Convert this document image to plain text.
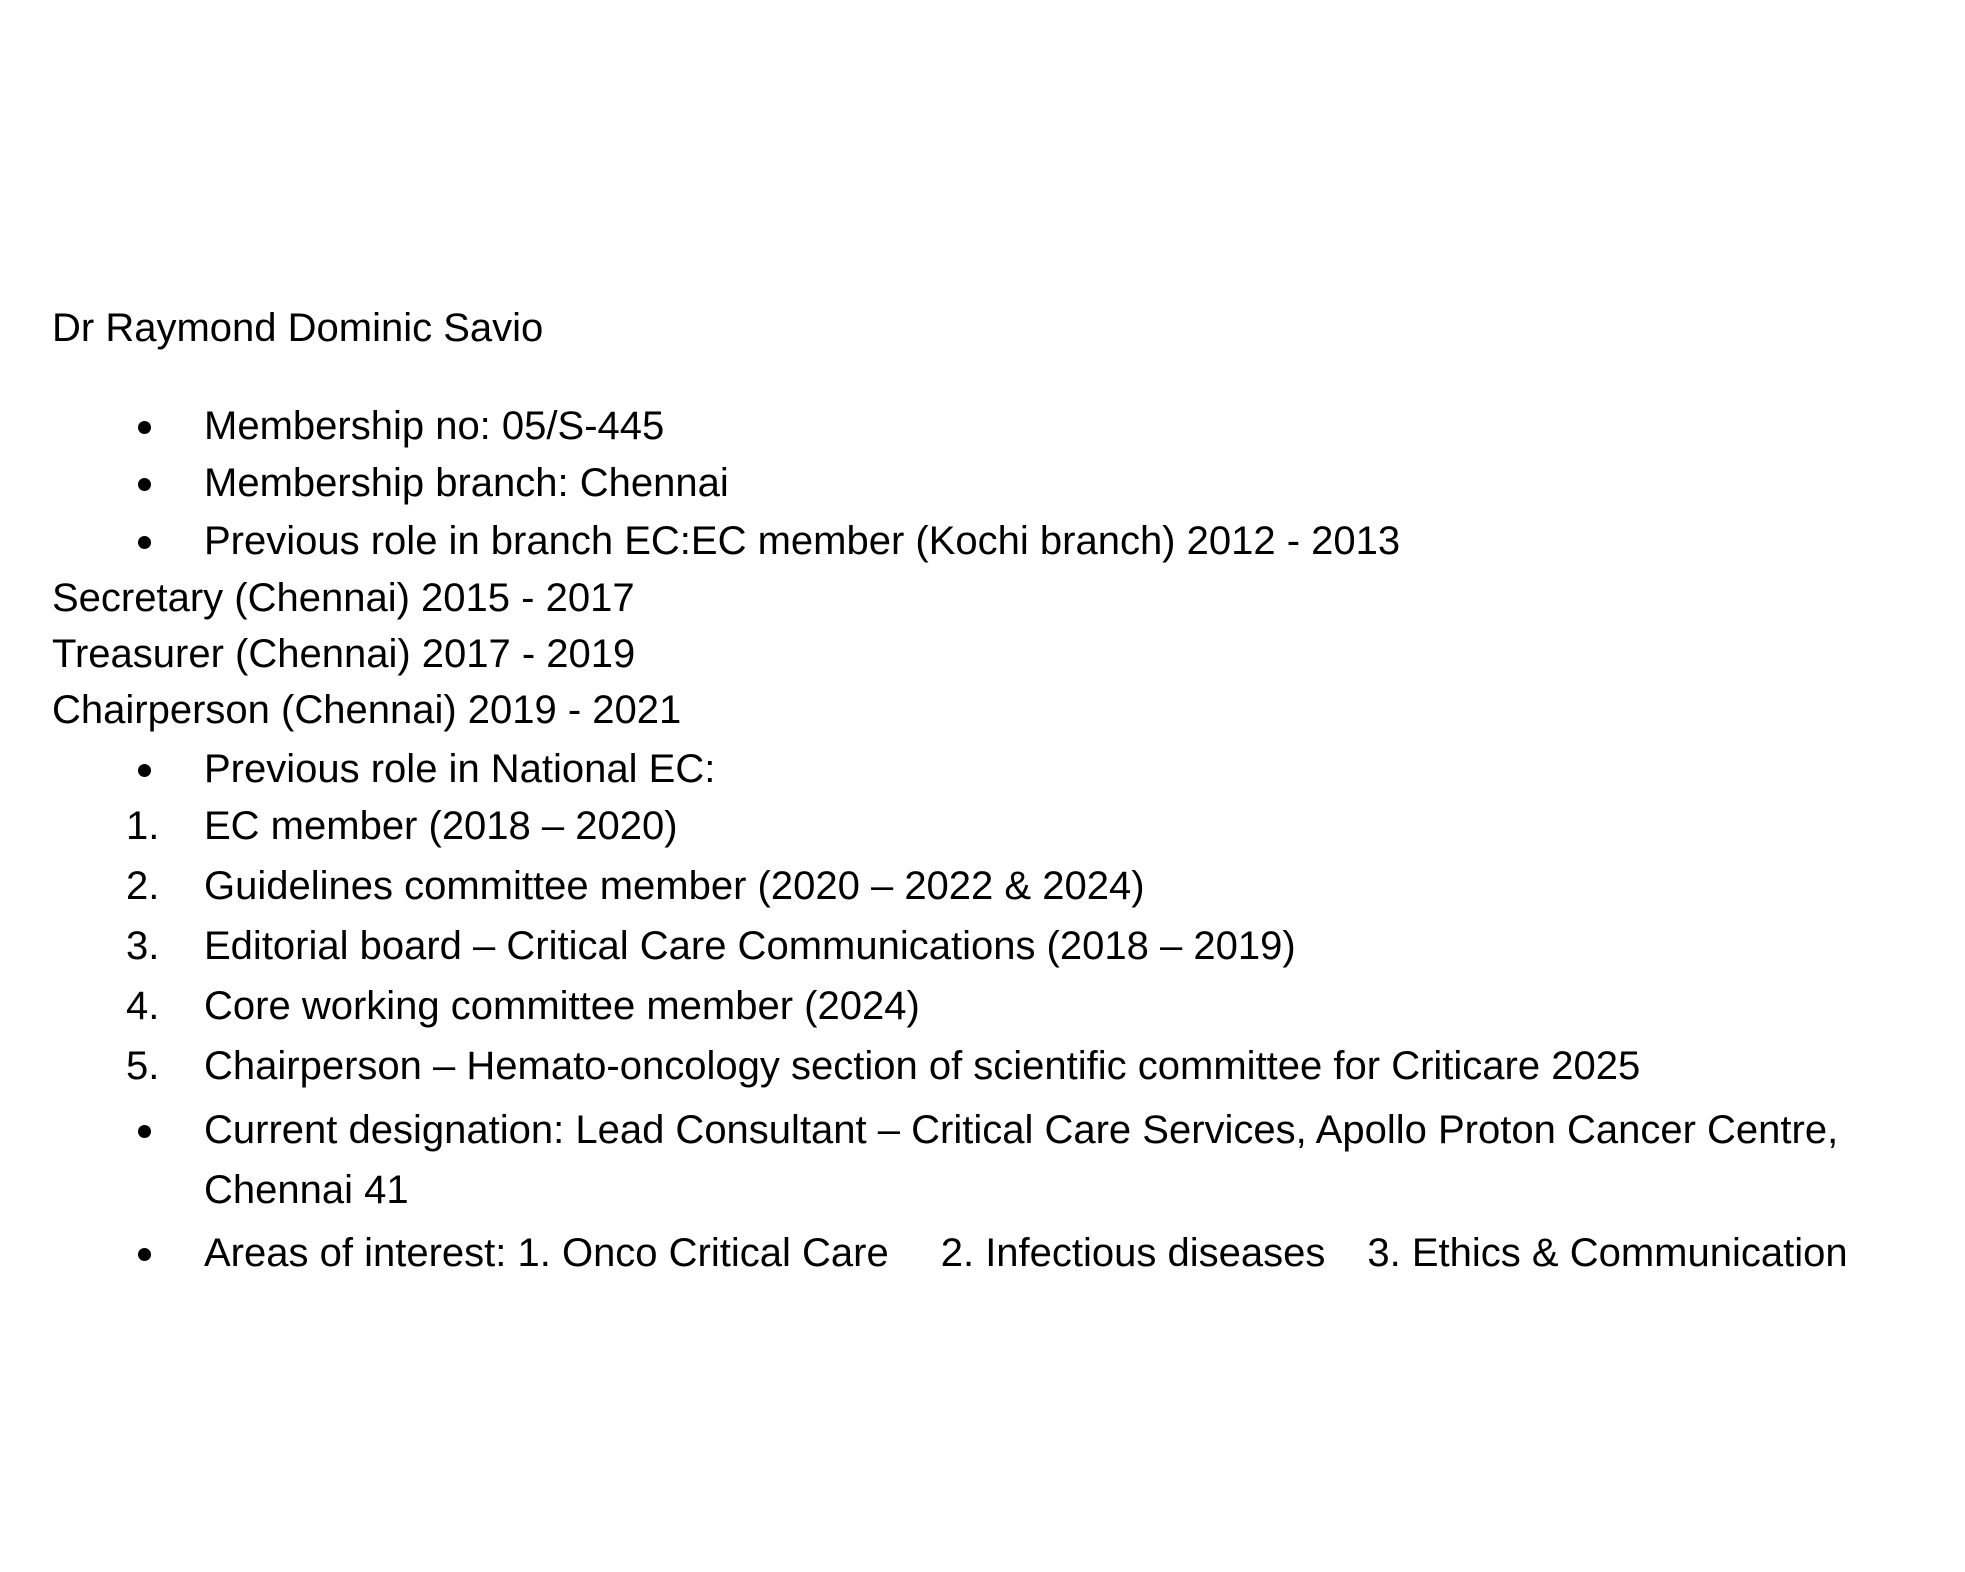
Dr Raymond Dominic Savio
Membership no: 05/S-445
Membership branch: Chennai
Previous role in branch EC:EC member (Kochi branch) 2012 - 2013
Secretary (Chennai) 2015 - 2017
Treasurer (Chennai) 2017 - 2019
Chairperson (Chennai) 2019 - 2021
Previous role in National EC:
1.	EC member (2018 – 2020)
2.	Guidelines committee member (2020 – 2022 & 2024)
3.	Editorial board – Critical Care Communications (2018 – 2019)
4.	Core working committee member (2024)
5.	Chairperson – Hemato-oncology section of scientific committee for Criticare 2025
Current designation: Lead Consultant – Critical Care Services, Apollo Proton Cancer Centre,
Chennai 41
Areas of interest: 1. Onco Critical Care 2. Infectious diseases 3. Ethics & Communication
